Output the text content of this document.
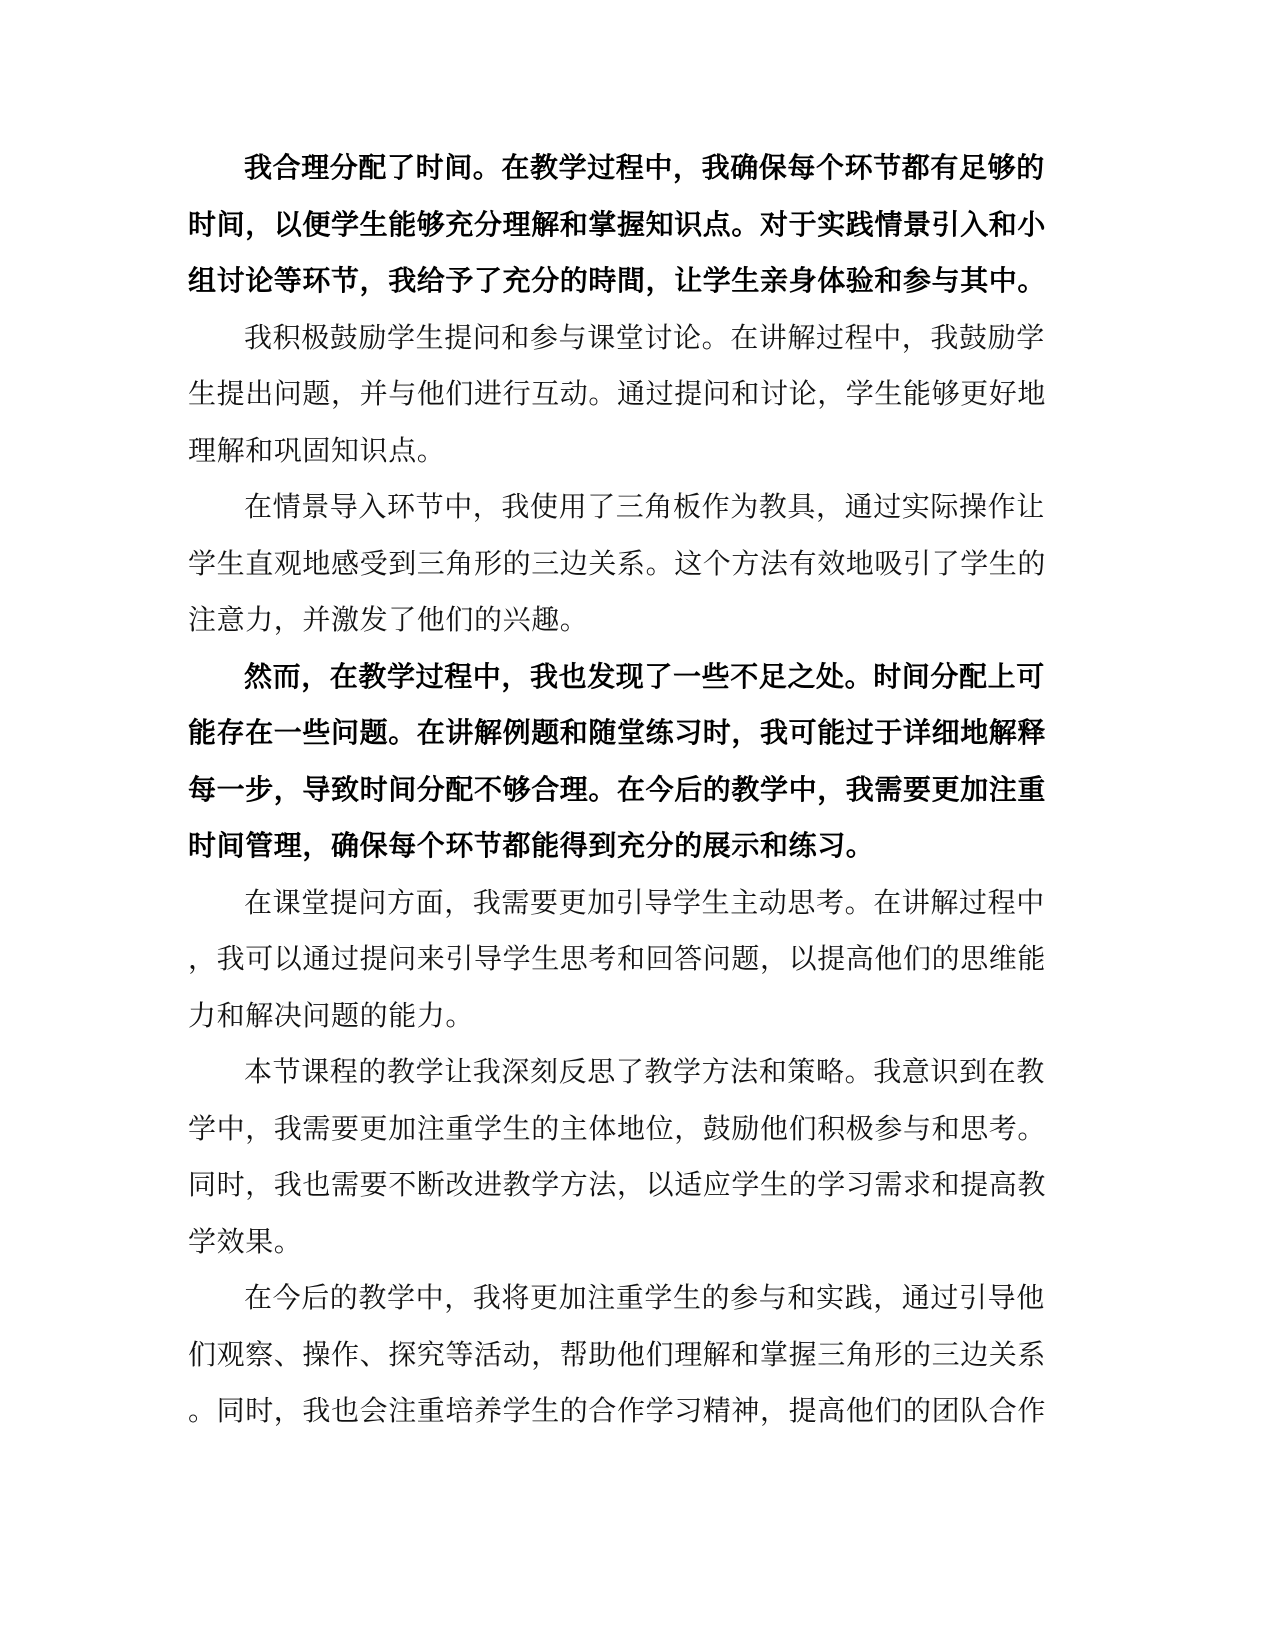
我合理分配了时间。在教学过程中，我确保每个环节都有足够的
时间，以便学生能够充分理解和掌握知识点。对于实践情景引入和小
组讨论等环节，我给予了充分的時間，让学生亲身体验和参与其中。

我积极鼓励学生提问和参与课堂讨论。在讲解过程中，我鼓励学
生提出问题，并与他们进行互动。通过提问和讨论，学生能够更好地
理解和巩固知识点。

在情景导入环节中，我使用了三角板作为教具，通过实际操作让
学生直观地感受到三角形的三边关系。这个方法有效地吸引了学生的
注意力，并激发了他们的兴趣。

然而，在教学过程中，我也发现了一些不足之处。时间分配上可
能存在一些问题。在讲解例题和随堂练习时，我可能过于详细地解释
每一步，导致时间分配不够合理。在今后的教学中，我需要更加注重
时间管理，确保每个环节都能得到充分的展示和练习。

在课堂提问方面，我需要更加引导学生主动思考。在讲解过程中
，我可以通过提问来引导学生思考和回答问题，以提高他们的思维能
力和解决问题的能力。

本节课程的教学让我深刻反思了教学方法和策略。我意识到在教
学中，我需要更加注重学生的主体地位，鼓励他们积极参与和思考。
同时，我也需要不断改进教学方法，以适应学生的学习需求和提高教
学效果。

在今后的教学中，我将更加注重学生的参与和实践，通过引导他
们观察、操作、探究等活动，帮助他们理解和掌握三角形的三边关系
。同时，我也会注重培养学生的合作学习精神，提高他们的团队合作
